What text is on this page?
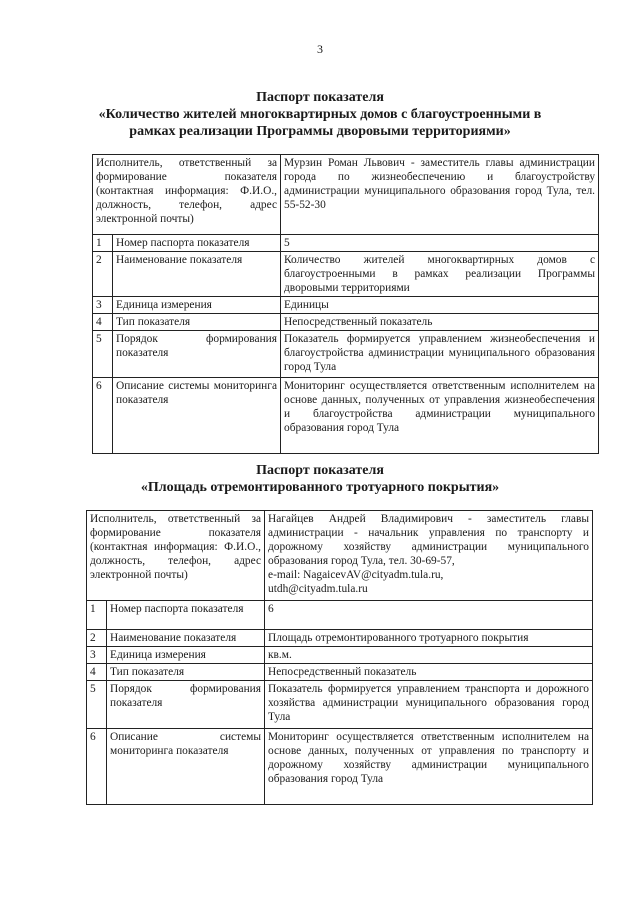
3
Паспорт показателя
«Количество жителей многоквартирных домов с благоустроенными в
рамках реализации Программы дворовыми территориями»
Исполнитель, ответственный за формирование показателя (контактная информация: Ф.И.О., должность, телефон, адрес электронной почты)		Мурзин Роман Львович - заместитель главы администрации города по жизнеобеспечению и благоустройству администрации муниципального образования город Тула, тел. 55-52-30
1	Номер паспорта показателя	5
2	Наименование показателя	Количество жителей многоквартирных домов с благоустроенными в рамках реализации Программы дворовыми территориями
3	Единица измерения	Единицы
4	Тип показателя	Непосредственный показатель
5	Порядок формирования показателя	Показатель формируется управлением жизнеобеспечения и благоустройства администрации муниципального образования город Тула
6	Описание системы мониторинга показателя	Мониторинг осуществляется ответственным исполнителем на основе данных, полученных от управления жизнеобеспечения и благоустройства администрации муниципального образования город Тула
Паспорт показателя
«Площадь отремонтированного тротуарного покрытия»
Исполнитель, ответственный за формирование показателя (контактная информация: Ф.И.О., должность, телефон, адрес электронной почты)		Нагайцев Андрей Владимирович - заместитель главы администрации - начальник управления по транспорту и дорожному хозяйству администрации муниципального образования город Тула, тел. 30-69-57,
e-mail: NagaicevAV@cityadm.tula.ru,
utdh@cityadm.tula.ru
1	Номер паспорта показателя	6
2	Наименование показателя	Площадь отремонтированного тротуарного покрытия
3	Единица измерения	кв.м.
4	Тип показателя	Непосредственный показатель
5	Порядок формирования показателя	Показатель формируется управлением транспорта и дорожного хозяйства администрации муниципального образования город Тула
6	Описание системы мониторинга показателя	Мониторинг осуществляется ответственным исполнителем на основе данных, полученных от управления по транспорту и дорожному хозяйству администрации муниципального образования город Тула
